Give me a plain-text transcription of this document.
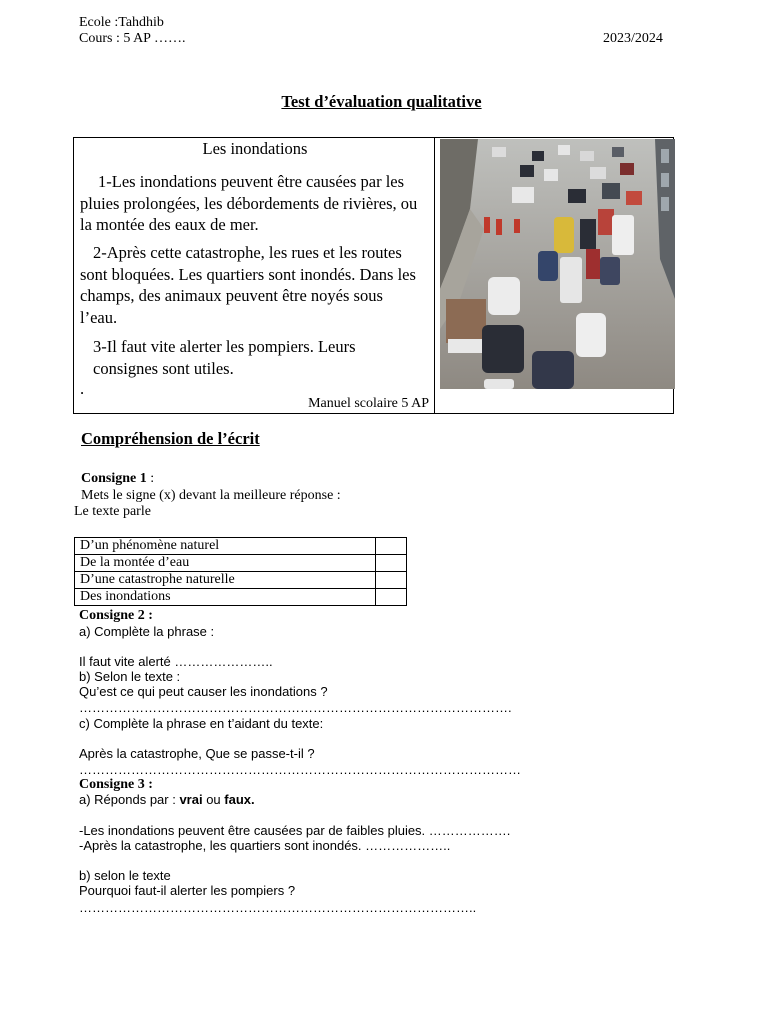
Ecole :Tahdhib
Cours : 5 AP …….	2023/2024
Test d’évaluation qualitative
Les inondations
1-Les inondations peuvent être causées par les pluies prolongées, les débordements de rivières, ou la montée des eaux de mer.
2-Après cette catastrophe, les rues et les routes sont bloquées. Les quartiers sont inondés. Dans les champs, des animaux peuvent être noyés sous l’eau.
3-Il faut vite alerter les pompiers. Leurs consignes sont utiles.
.
Manuel scolaire 5 AP
Compréhension de l’écrit
Consigne 1 :
Mets le signe (x) devant la meilleure réponse :
Le texte parle
D’un phénomène naturel	
De la montée d’eau	
D’une catastrophe naturelle	
Des inondations	
Consigne 2 :
a) Complète la phrase :
Il faut vite alerté …………………..
b) Selon le texte :
Qu’est ce qui peut causer les inondations ?
……………………………………………………………………………………….
c) Complète la phrase en t’aidant du texte:
Après la catastrophe, Que se passe-t-il ?
…………………………………………………………………………………………
Consigne 3 :
a) Réponds par : vrai ou faux.
-Les inondations peuvent être causées par de faibles pluies. ……………….
-Après la catastrophe, les quartiers sont inondés. ………………..
b) selon le texte
Pourquoi faut-il alerter les pompiers ?
………………………………………………………………………………..
